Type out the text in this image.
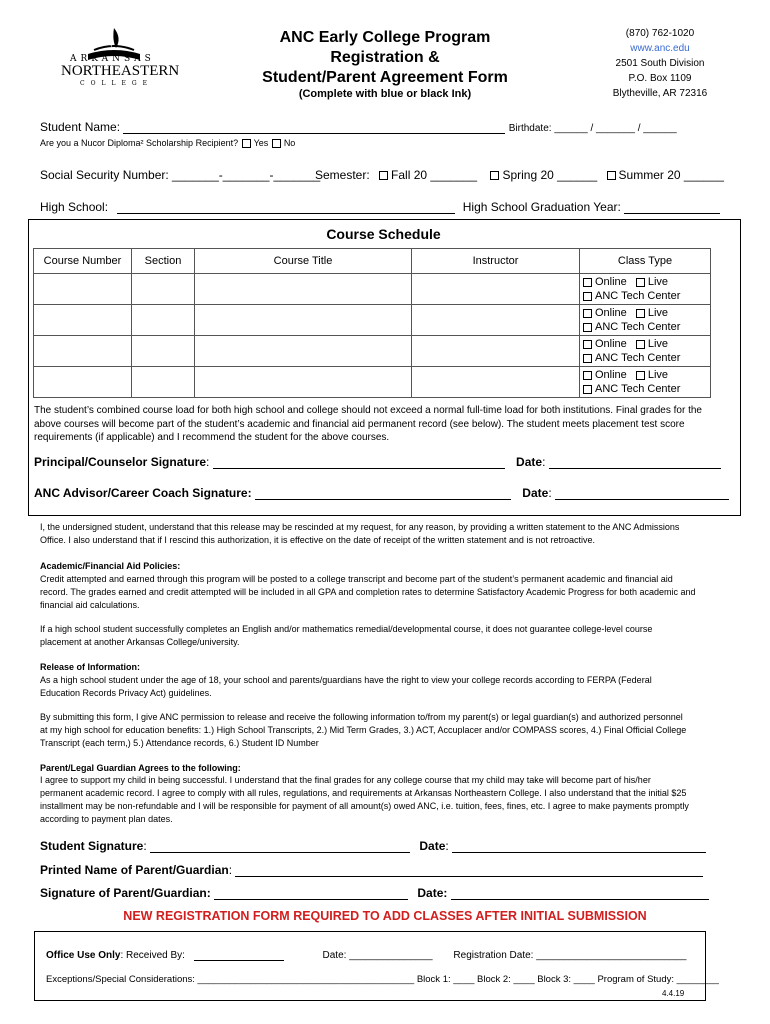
ARKANSAS
NORTHEASTERN
COLLEGE
ANC Early College Program
Registration &
Student/Parent Agreement Form
(Complete with blue or black Ink)
(870) 762-1020
www.anc.edu
2501 South Division
P.O. Box 1109
Blytheville, AR 72316
Student Name:	Birthdate: ______ / _______ / ______
Are you a Nucor Diploma² Scholarship Recipient? Yes No
Social Security Number: _______-_______-_______
Semester: Fall 20 _______ Spring 20 ______ Summer 20 ______
High School:	High School Graduation Year:
Course Schedule
Course Number	Section	Course Title	Instructor	Class Type
				Online Live
ANC Tech Center
				Online Live
ANC Tech Center
				Online Live
ANC Tech Center
				Online Live
ANC Tech Center
The student’s combined course load for both high school and college should not exceed a normal full-time load for both institutions. Final grades for the above courses will become part of the student’s academic and financial aid permanent record (see below). The student meets placement test score requirements (if applicable) and I recommend the student for the above courses.
Principal/Counselor Signature:	Date:
ANC Advisor/Career Coach Signature:	Date:
I, the undersigned student, understand that this release may be rescinded at my request, for any reason, by providing a written statement to the ANC Admissions Office. I also understand that if I rescind this authorization, it is effective on the date of receipt of the written statement and is not retroactive.
Academic/Financial Aid Policies:
Credit attempted and earned through this program will be posted to a college transcript and become part of the student’s permanent academic and financial aid record. The grades earned and credit attempted will be included in all GPA and completion rates to determine Satisfactory Academic Progress for both academic and financial aid calculations.
If a high school student successfully completes an English and/or mathematics remedial/developmental course, it does not guarantee college-level course placement at another Arkansas College/university.
Release of Information:
As a high school student under the age of 18, your school and parents/guardians have the right to view your college records according to FERPA (Federal Education Records Privacy Act) guidelines.
By submitting this form, I give ANC permission to release and receive the following information to/from my parent(s) or legal guardian(s) and authorized personnel at my high school for education benefits: 1.) High School Transcripts, 2.) Mid Term Grades, 3.) ACT, Accuplacer and/or COMPASS scores, 4.) Final Official College Transcript (each term,) 5.) Attendance records, 6.) Student ID Number
Parent/Legal Guardian Agrees to the following:
I agree to support my child in being successful. I understand that the final grades for any college course that my child may take will become part of his/her permanent academic record. I agree to comply with all rules, regulations, and requirements at Arkansas Northeastern College. I also understand that the initial $25 installment may be non-refundable and I will be responsible for payment of all amount(s) owed ANC, i.e. tuition, fees, fines, etc. I agree to make payments promptly according to payment plan dates.
Student Signature:	Date:
Printed Name of Parent/Guardian:
Signature of Parent/Guardian:	Date:
NEW REGISTRATION FORM REQUIRED TO ADD CLASSES AFTER INITIAL SUBMISSION
Office Use Only: Received By:	Date: _______________ Registration Date: ___________________________
Exceptions/Special Considerations: _________________________________________ Block 1: ____ Block 2: ____ Block 3: ____ Program of Study: ________
4.4.19
